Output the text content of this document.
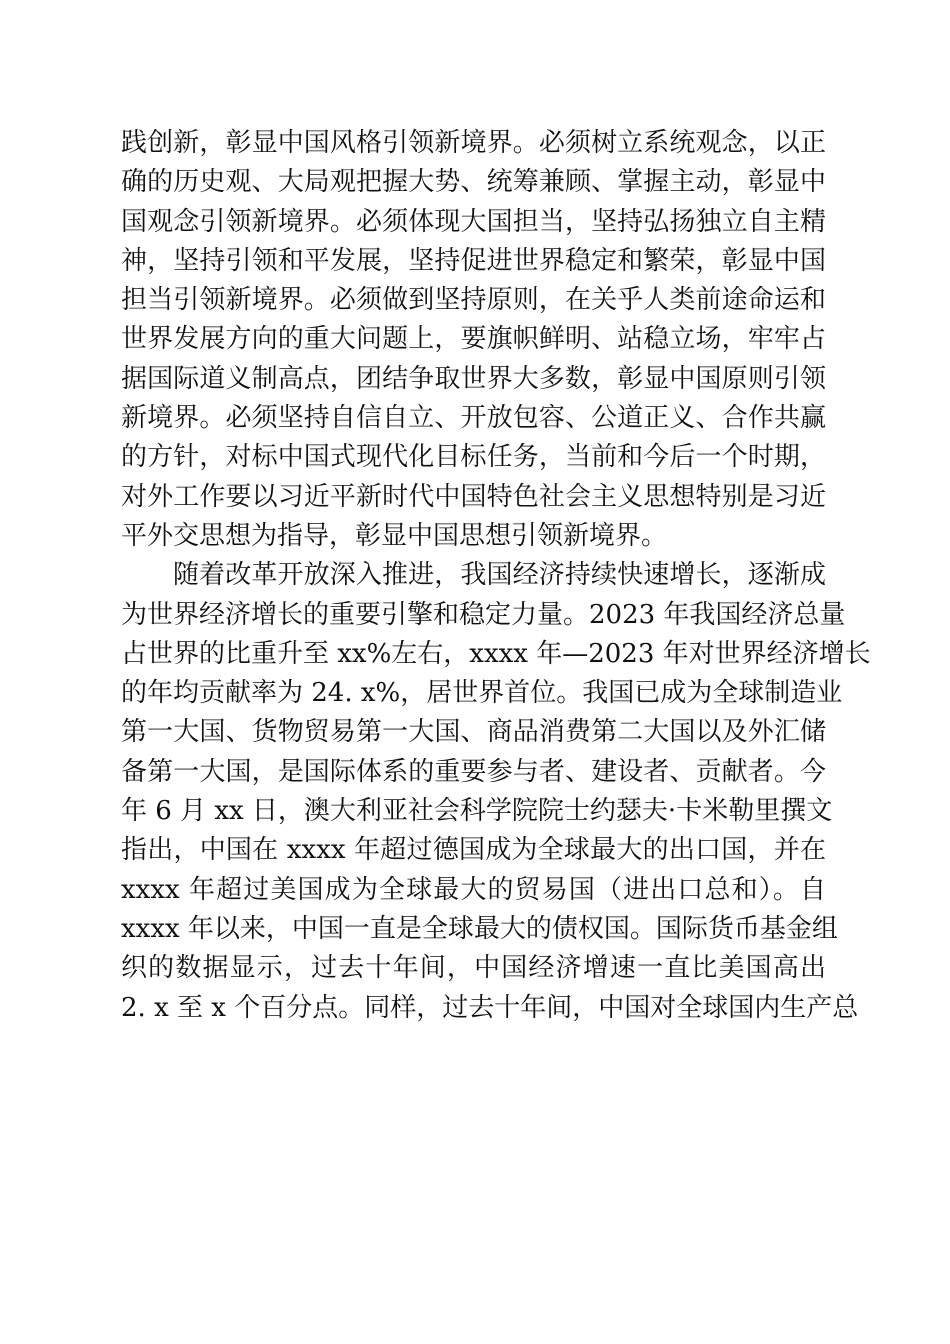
践创新，彰显中国风格引领新境界。必须树立系统观念，以正
确的历史观、大局观把握大势、统筹兼顾、掌握主动，彰显中
国观念引领新境界。必须体现大国担当，坚持弘扬独立自主精
神，坚持引领和平发展，坚持促进世界稳定和繁荣，彰显中国
担当引领新境界。必须做到坚持原则，在关乎人类前途命运和
世界发展方向的重大问题上，要旗帜鲜明、站稳立场，牢牢占
据国际道义制高点，团结争取世界大多数，彰显中国原则引领
新境界。必须坚持自信自立、开放包容、公道正义、合作共赢
的方针，对标中国式现代化目标任务，当前和今后一个时期，
对外工作要以习近平新时代中国特色社会主义思想特别是习近
平外交思想为指导，彰显中国思想引领新境界。
随着改革开放深入推进，我国经济持续快速增长，逐渐成
为世界经济增长的重要引擎和稳定力量。2023 年我国经济总量
占世界的比重升至 xx%左右，xxxx 年—2023 年对世界经济增长
的年均贡献率为 24. x%，居世界首位。我国已成为全球制造业
第一大国、货物贸易第一大国、商品消费第二大国以及外汇储
备第一大国，是国际体系的重要参与者、建设者、贡献者。今
年 6 月 xx 日，澳大利亚社会科学院院士约瑟夫·卡米勒里撰文
指出，中国在 xxxx 年超过德国成为全球最大的出口国，并在
xxxx 年超过美国成为全球最大的贸易国（进出口总和）。自
xxxx 年以来，中国一直是全球最大的债权国。国际货币基金组
织的数据显示，过去十年间，中国经济增速一直比美国高出
2. x 至 x 个百分点。同样，过去十年间，中国对全球国内生产总
